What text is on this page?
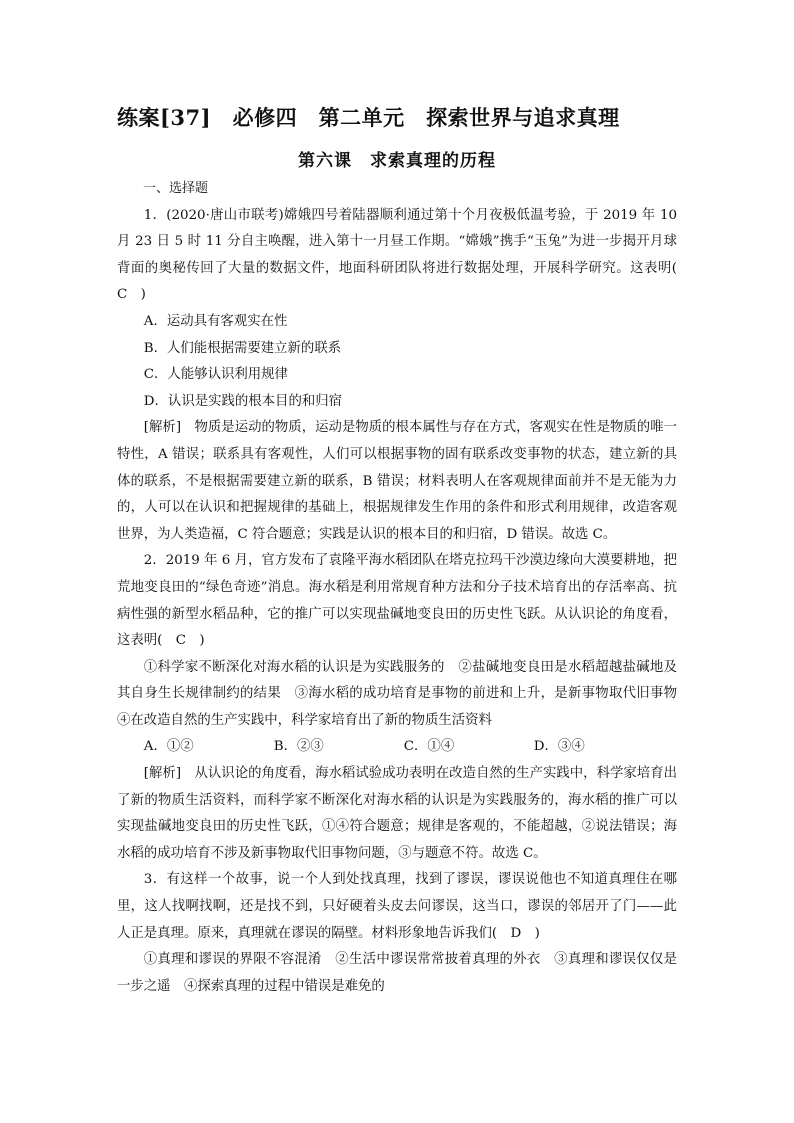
练案[37]　必修四　第二单元　探索世界与追求真理
第六课　求索真理的历程

一、选择题

1．(2020·唐山市联考)嫦娥四号着陆器顺利通过第十个月夜极低温考验，于 2019 年 10 月 23 日 5 时 11 分自主唤醒，进入第十一月昼工作期。“嫦娥”携手“玉兔”为进一步揭开月球背面的奥秘传回了大量的数据文件，地面科研团队将进行数据处理，开展科学研究。这表明(　C　)

A．运动具有客观实在性

B．人们能根据需要建立新的联系

C．人能够认识利用规律

D．认识是实践的根本目的和归宿

[解析]　物质是运动的物质，运动是物质的根本属性与存在方式，客观实在性是物质的唯一特性，A 错误；联系具有客观性，人们可以根据事物的固有联系改变事物的状态，建立新的具体的联系，不是根据需要建立新的联系，B 错误；材料表明人在客观规律面前并不是无能为力的，人可以在认识和把握规律的基础上，根据规律发生作用的条件和形式利用规律，改造客观世界，为人类造福，C 符合题意；实践是认识的根本目的和归宿，D 错误。故选 C。

2．2019 年 6 月，官方发布了袁隆平海水稻团队在塔克拉玛干沙漠边缘向大漠要耕地，把荒地变良田的“绿色奇迹”消息。海水稻是利用常规育种方法和分子技术培育出的存活率高、抗病性强的新型水稻品种，它的推广可以实现盐碱地变良田的历史性飞跃。从认识论的角度看，这表明(　C　)

①科学家不断深化对海水稻的认识是为实践服务的　②盐碱地变良田是水稻超越盐碱地及其自身生长规律制约的结果　③海水稻的成功培育是事物的前进和上升，是新事物取代旧事物　④在改造自然的生产实践中，科学家培育出了新的物质生活资料

A．①②	B．②③	C．①④	D．③④

[解析]　从认识论的角度看，海水稻试验成功表明在改造自然的生产实践中，科学家培育出了新的物质生活资料，而科学家不断深化对海水稻的认识是为实践服务的，海水稻的推广可以实现盐碱地变良田的历史性飞跃，①④符合题意；规律是客观的，不能超越，②说法错误；海水稻的成功培育不涉及新事物取代旧事物问题，③与题意不符。故选 C。

3．有这样一个故事，说一个人到处找真理，找到了谬误，谬误说他也不知道真理住在哪里，这人找啊找啊，还是找不到，只好硬着头皮去问谬误，这当口，谬误的邻居开了门——此人正是真理。原来，真理就在谬误的隔壁。材料形象地告诉我们(　D　)

①真理和谬误的界限不容混淆　②生活中谬误常常披着真理的外衣　③真理和谬误仅仅是一步之遥　④探索真理的过程中错误是难免的
